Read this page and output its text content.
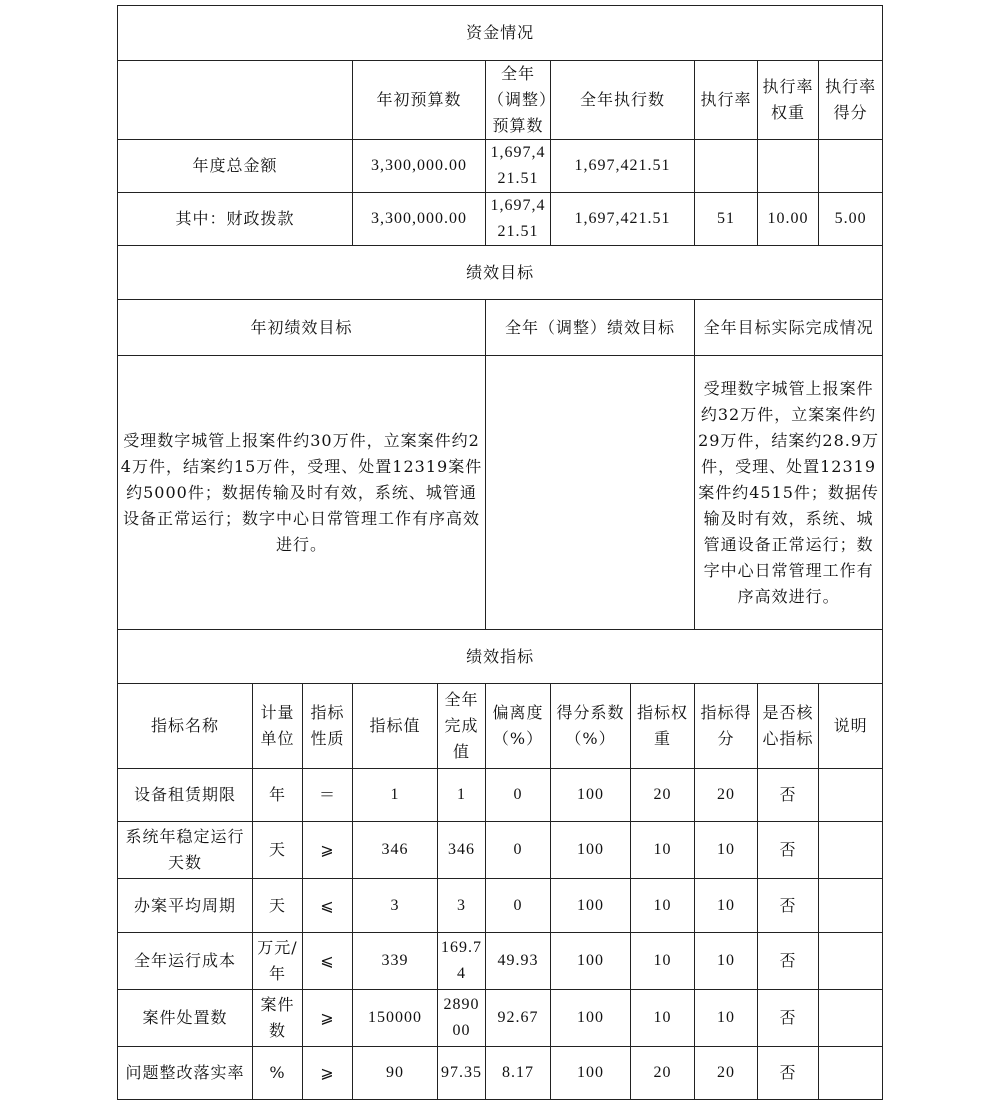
资金情况										
			年初预算数		全年（调整）预算数	全年执行数		执行率	执行率权重	执行率得分
年度总金额			3,300,000.00		1,697,421.51	1,697,421.51				
其中：财政拨款			3,300,000.00		1,697,421.51	1,697,421.51		51	10.00	5.00
绩效目标										
年初绩效目标					全年（调整）绩效目标			全年目标实际完成情况		
受理数字城管上报案件约30万件，立案案件约24万件，结案约15万件，受理、处置12319案件约5000件；数据传输及时有效，系统、城管通设备正常运行；数字中心日常管理工作有序高效进行。								受理数字城管上报案件约32万件，立案案件约29万件，结案约28.9万件，受理、处置12319案件约4515件；数据传输及时有效，系统、城管通设备正常运行；数字中心日常管理工作有序高效进行。		
绩效指标										
指标名称	计量单位	指标性质	指标值	全年完成值	偏离度（%）	得分系数（%）	指标权重	指标得分	是否核心指标	说明
设备租赁期限	年	＝	1	1	0	100	20	20	否	
系统年稳定运行天数	天	⩾	346	346	0	100	10	10	否	
办案平均周期	天	⩽	3	3	0	100	10	10	否	
全年运行成本	万元/年	⩽	339	169.74	49.93	100	10	10	否	
案件处置数	案件数	⩾	150000	289000	92.67	100	10	10	否	
问题整改落实率	%	⩾	90	97.35	8.17	100	20	20	否	
